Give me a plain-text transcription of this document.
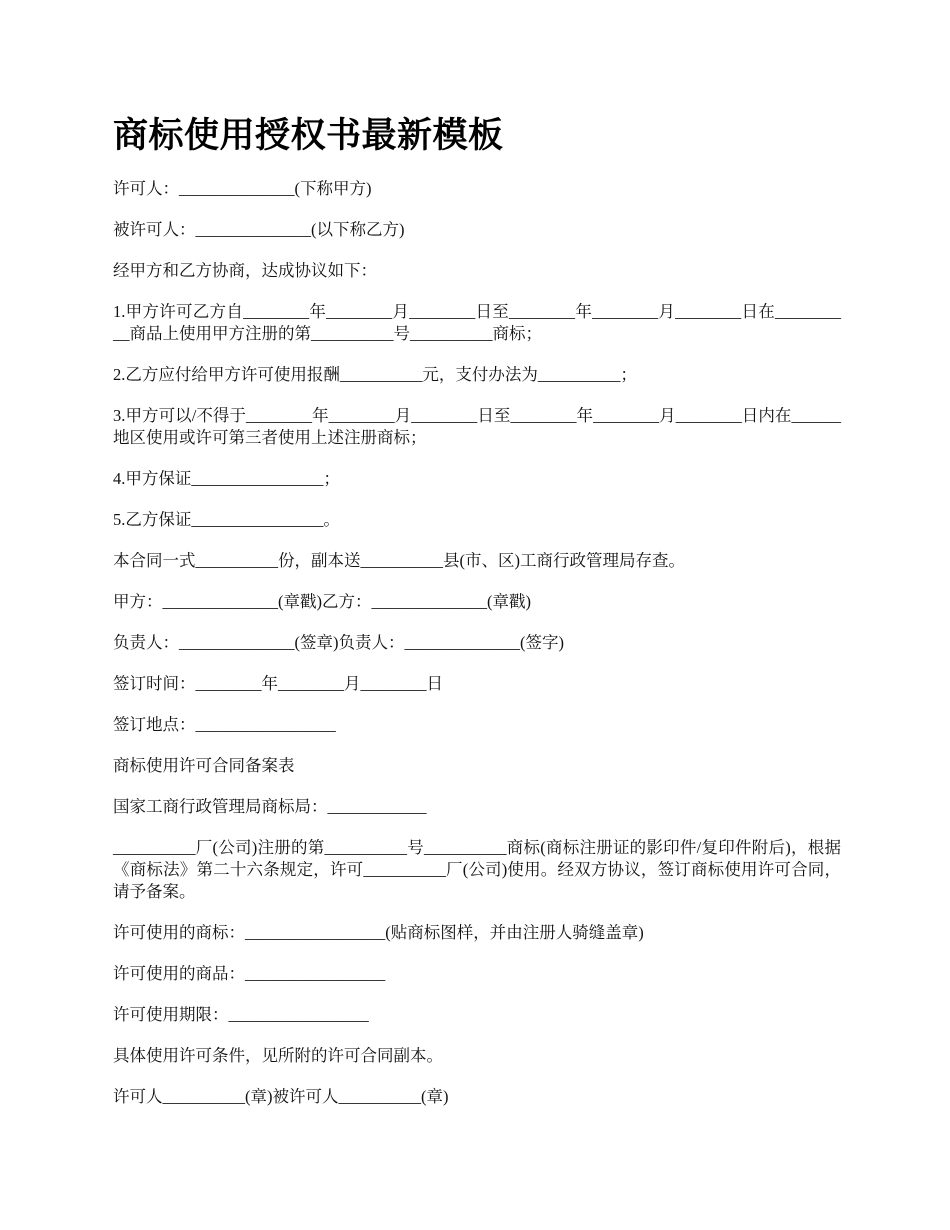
商标使用授权书最新模板

许可人：______________(下称甲方)

被许可人：______________(以下称乙方)

经甲方和乙方协商，达成协议如下：

1.甲方许可乙方自________年________月________日至________年________月________日在__________商品上使用甲方注册的第__________号__________商标；

2.乙方应付给甲方许可使用报酬__________元，支付办法为__________；

3.甲方可以/不得于________年________月________日至________年________月________日内在______地区使用或许可第三者使用上述注册商标；

4.甲方保证________________；

5.乙方保证________________。

本合同一式__________份，副本送__________县(市、区)工商行政管理局存查。

甲方：______________(章戳)乙方：______________(章戳)

负责人：______________(签章)负责人：______________(签字)

签订时间：________年________月________日

签订地点：_________________

商标使用许可合同备案表

国家工商行政管理局商标局：____________

__________厂(公司)注册的第__________号__________商标(商标注册证的影印件/复印件附后)，根据《商标法》第二十六条规定，许可__________厂(公司)使用。经双方协议，签订商标使用许可合同，请予备案。

许可使用的商标：_________________(贴商标图样，并由注册人骑缝盖章)

许可使用的商品：_________________

许可使用期限：_________________

具体使用许可条件，见所附的许可合同副本。

许可人__________(章)被许可人__________(章)
